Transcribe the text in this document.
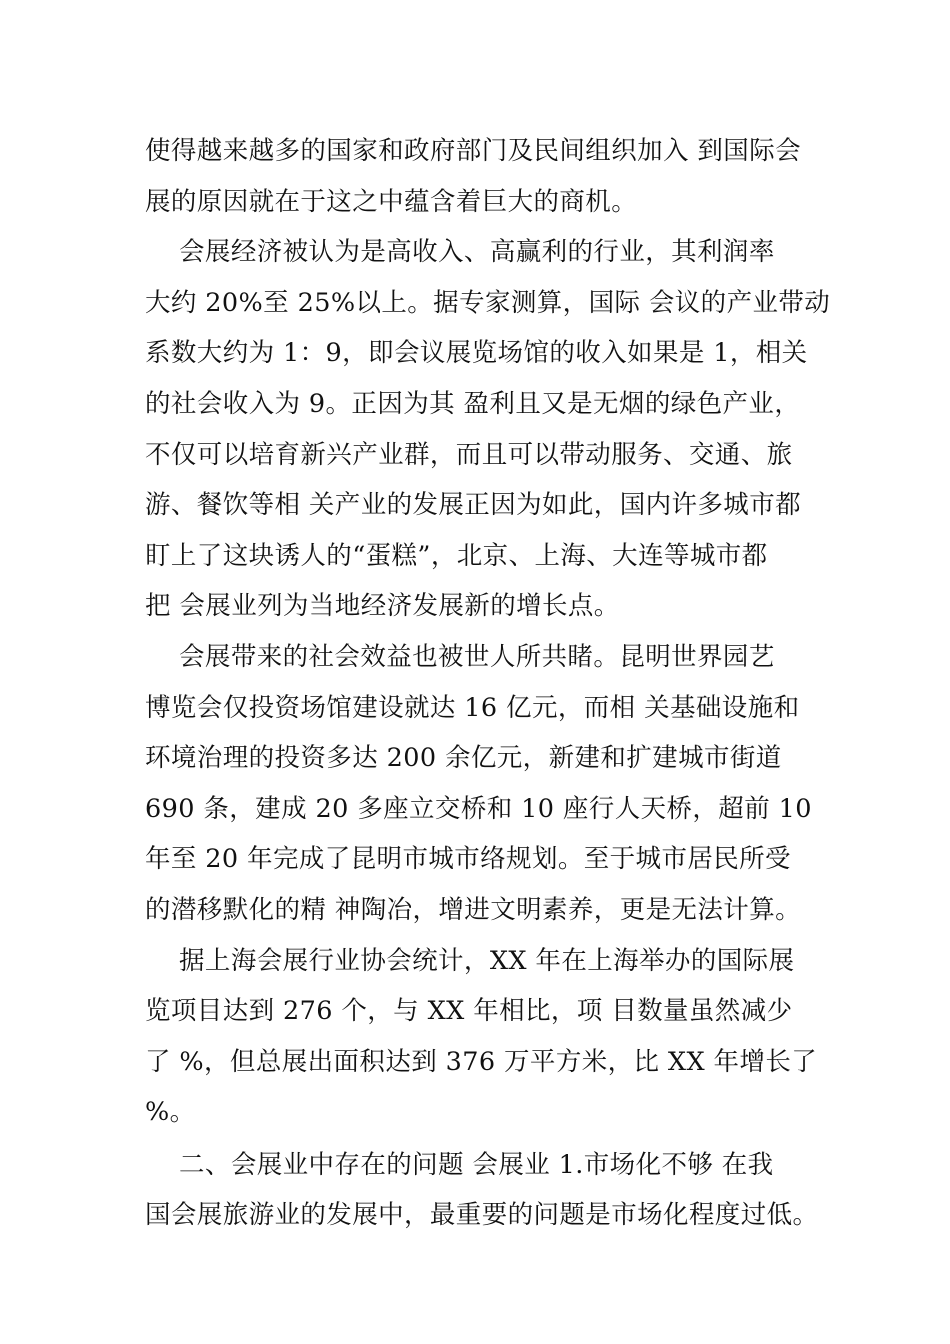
使得越来越多的国家和政府部门及民间组织加入 到国际会
展的原因就在于这之中蕴含着巨大的商机。
会展经济被认为是高收入、高赢利的行业，其利润率
大约 20%至 25%以上。据专家测算，国际 会议的产业带动
系数大约为 1：9，即会议展览场馆的收入如果是 1，相关
的社会收入为 9。正因为其 盈利且又是无烟的绿色产业，
不仅可以培育新兴产业群，而且可以带动服务、交通、旅
游、餐饮等相 关产业的发展正因为如此，国内许多城市都
盯上了这块诱人的“蛋糕”，北京、上海、大连等城市都
把 会展业列为当地经济发展新的增长点。
会展带来的社会效益也被世人所共睹。昆明世界园艺
博览会仅投资场馆建设就达 16 亿元，而相 关基础设施和
环境治理的投资多达 200 余亿元，新建和扩建城市街道
690 条，建成 20 多座立交桥和 10 座行人天桥，超前 10
年至 20 年完成了昆明市城市络规划。至于城市居民所受
的潜移默化的精 神陶冶，增进文明素养，更是无法计算。
据上海会展行业协会统计，XX 年在上海举办的国际展
览项目达到 276 个，与 XX 年相比，项 目数量虽然减少
了 %，但总展出面积达到 376 万平方米，比 XX 年增长了
%。
二、会展业中存在的问题 会展业 1.市场化不够 在我
国会展旅游业的发展中，最重要的问题是市场化程度过低。
